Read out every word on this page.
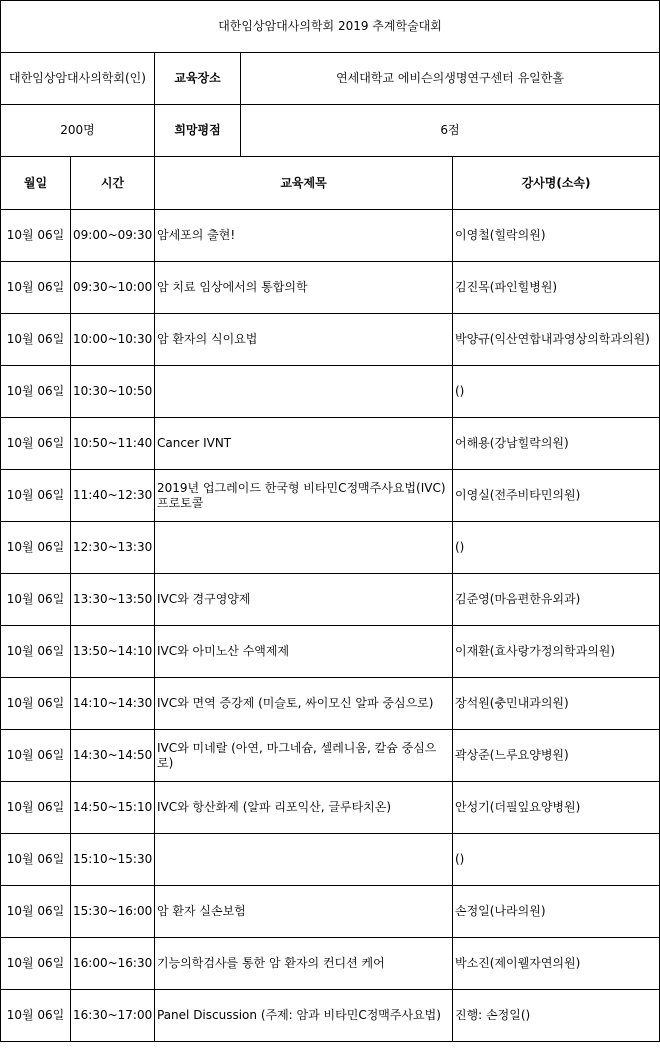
대한임상암대사의학회 2019 추계학술대회				
대한임상암대사의학회(인)		교육장소	연세대학교 에비슨의생명연구센터 유일한홀	
200명		희망평점	6점	
월일	시간	교육제목		강사명(소속)
10월 06일	09:00~09:30	암세포의 출현!		이영철(힐락의원)
10월 06일	09:30~10:00	암 치료 임상에서의 통합의학		김진목(파인힐병원)
10월 06일	10:00~10:30	암 환자의 식이요법		박양규(익산연합내과영상의학과의원)
10월 06일	10:30~10:50			()
10월 06일	10:50~11:40	Cancer IVNT		어해용(강남힐락의원)
10월 06일	11:40~12:30	2019년 업그레이드 한국형 비타민C정맥주사요법(IVC) 프로토콜		이영실(전주비타민의원)
10월 06일	12:30~13:30			()
10월 06일	13:30~13:50	IVC와 경구영양제		김준영(마음편한유외과)
10월 06일	13:50~14:10	IVC와 아미노산 수액제제		이재환(효사랑가정의학과의원)
10월 06일	14:10~14:30	IVC와 면역 증강제 (미슬토, 싸이모신 알파 중심으로)		장석원(충민내과의원)
10월 06일	14:30~14:50	IVC와 미네랄 (아연, 마그네슘, 셀레니움, 칼슘 중심으로)		곽상준(느루요양병원)
10월 06일	14:50~15:10	IVC와 항산화제 (알파 리포익산, 글루타치온)		안성기(더필잎요양병원)
10월 06일	15:10~15:30			()
10월 06일	15:30~16:00	암 환자 실손보험		손정일(나라의원)
10월 06일	16:00~16:30	기능의학검사를 통한 암 환자의 컨디션 케어		박소진(제이웰자연의원)
10월 06일	16:30~17:00	Panel Discussion (주제: 암과 비타민C정맥주사요법)		진행: 손정일()
